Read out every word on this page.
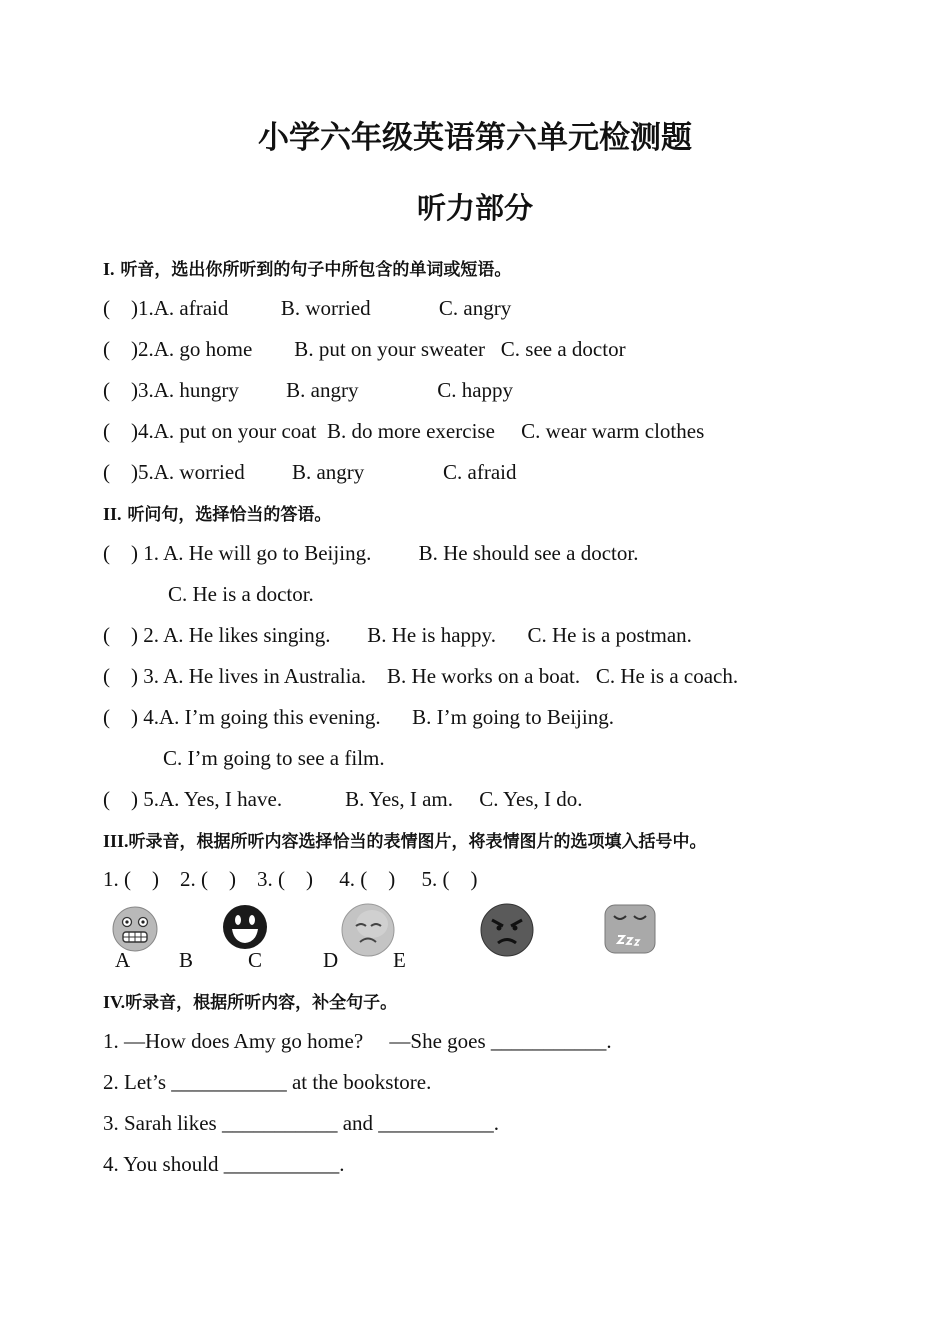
小学六年级英语第六单元检测题
听力部分
I. 听音，选出你所听到的句子中所包含的单词或短语。
(    )1.A. afraid          B. worried             C. angry
(    )2.A. go home        B. put on your sweater   C. see a doctor
(    )3.A. hungry         B. angry               C. happy
(    )4.A. put on your coat  B. do more exercise     C. wear warm clothes
(    )5.A. worried         B. angry               C. afraid
II. 听问句，选择恰当的答语。
(    ) 1. A. He will go to Beijing.         B. He should see a doctor.
C. He is a doctor.
(    ) 2. A. He likes singing.       B. He is happy.      C. He is a postman.
(    ) 3. A. He lives in Australia.    B. He works on a boat.   C. He is a coach.
(    ) 4.A. I’m going this evening.      B. I’m going to Beijing.
C. I’m going to see a film.
(    ) 5.A. Yes, I have.            B. Yes, I am.     C. Yes, I do.
III.听录音，根据所听内容选择恰当的表情图片，将表情图片的选项填入括号中。
1. (    )    2. (    )    3. (    )     4. (    )     5. (    )
A B	C	D	E
IV.听录音，根据所听内容，补全句子。
1. —How does Amy go home?     —She goes ___________.
2. Let’s ___________ at the bookstore.
3. Sarah likes ___________ and ___________.
4. You should ___________.
